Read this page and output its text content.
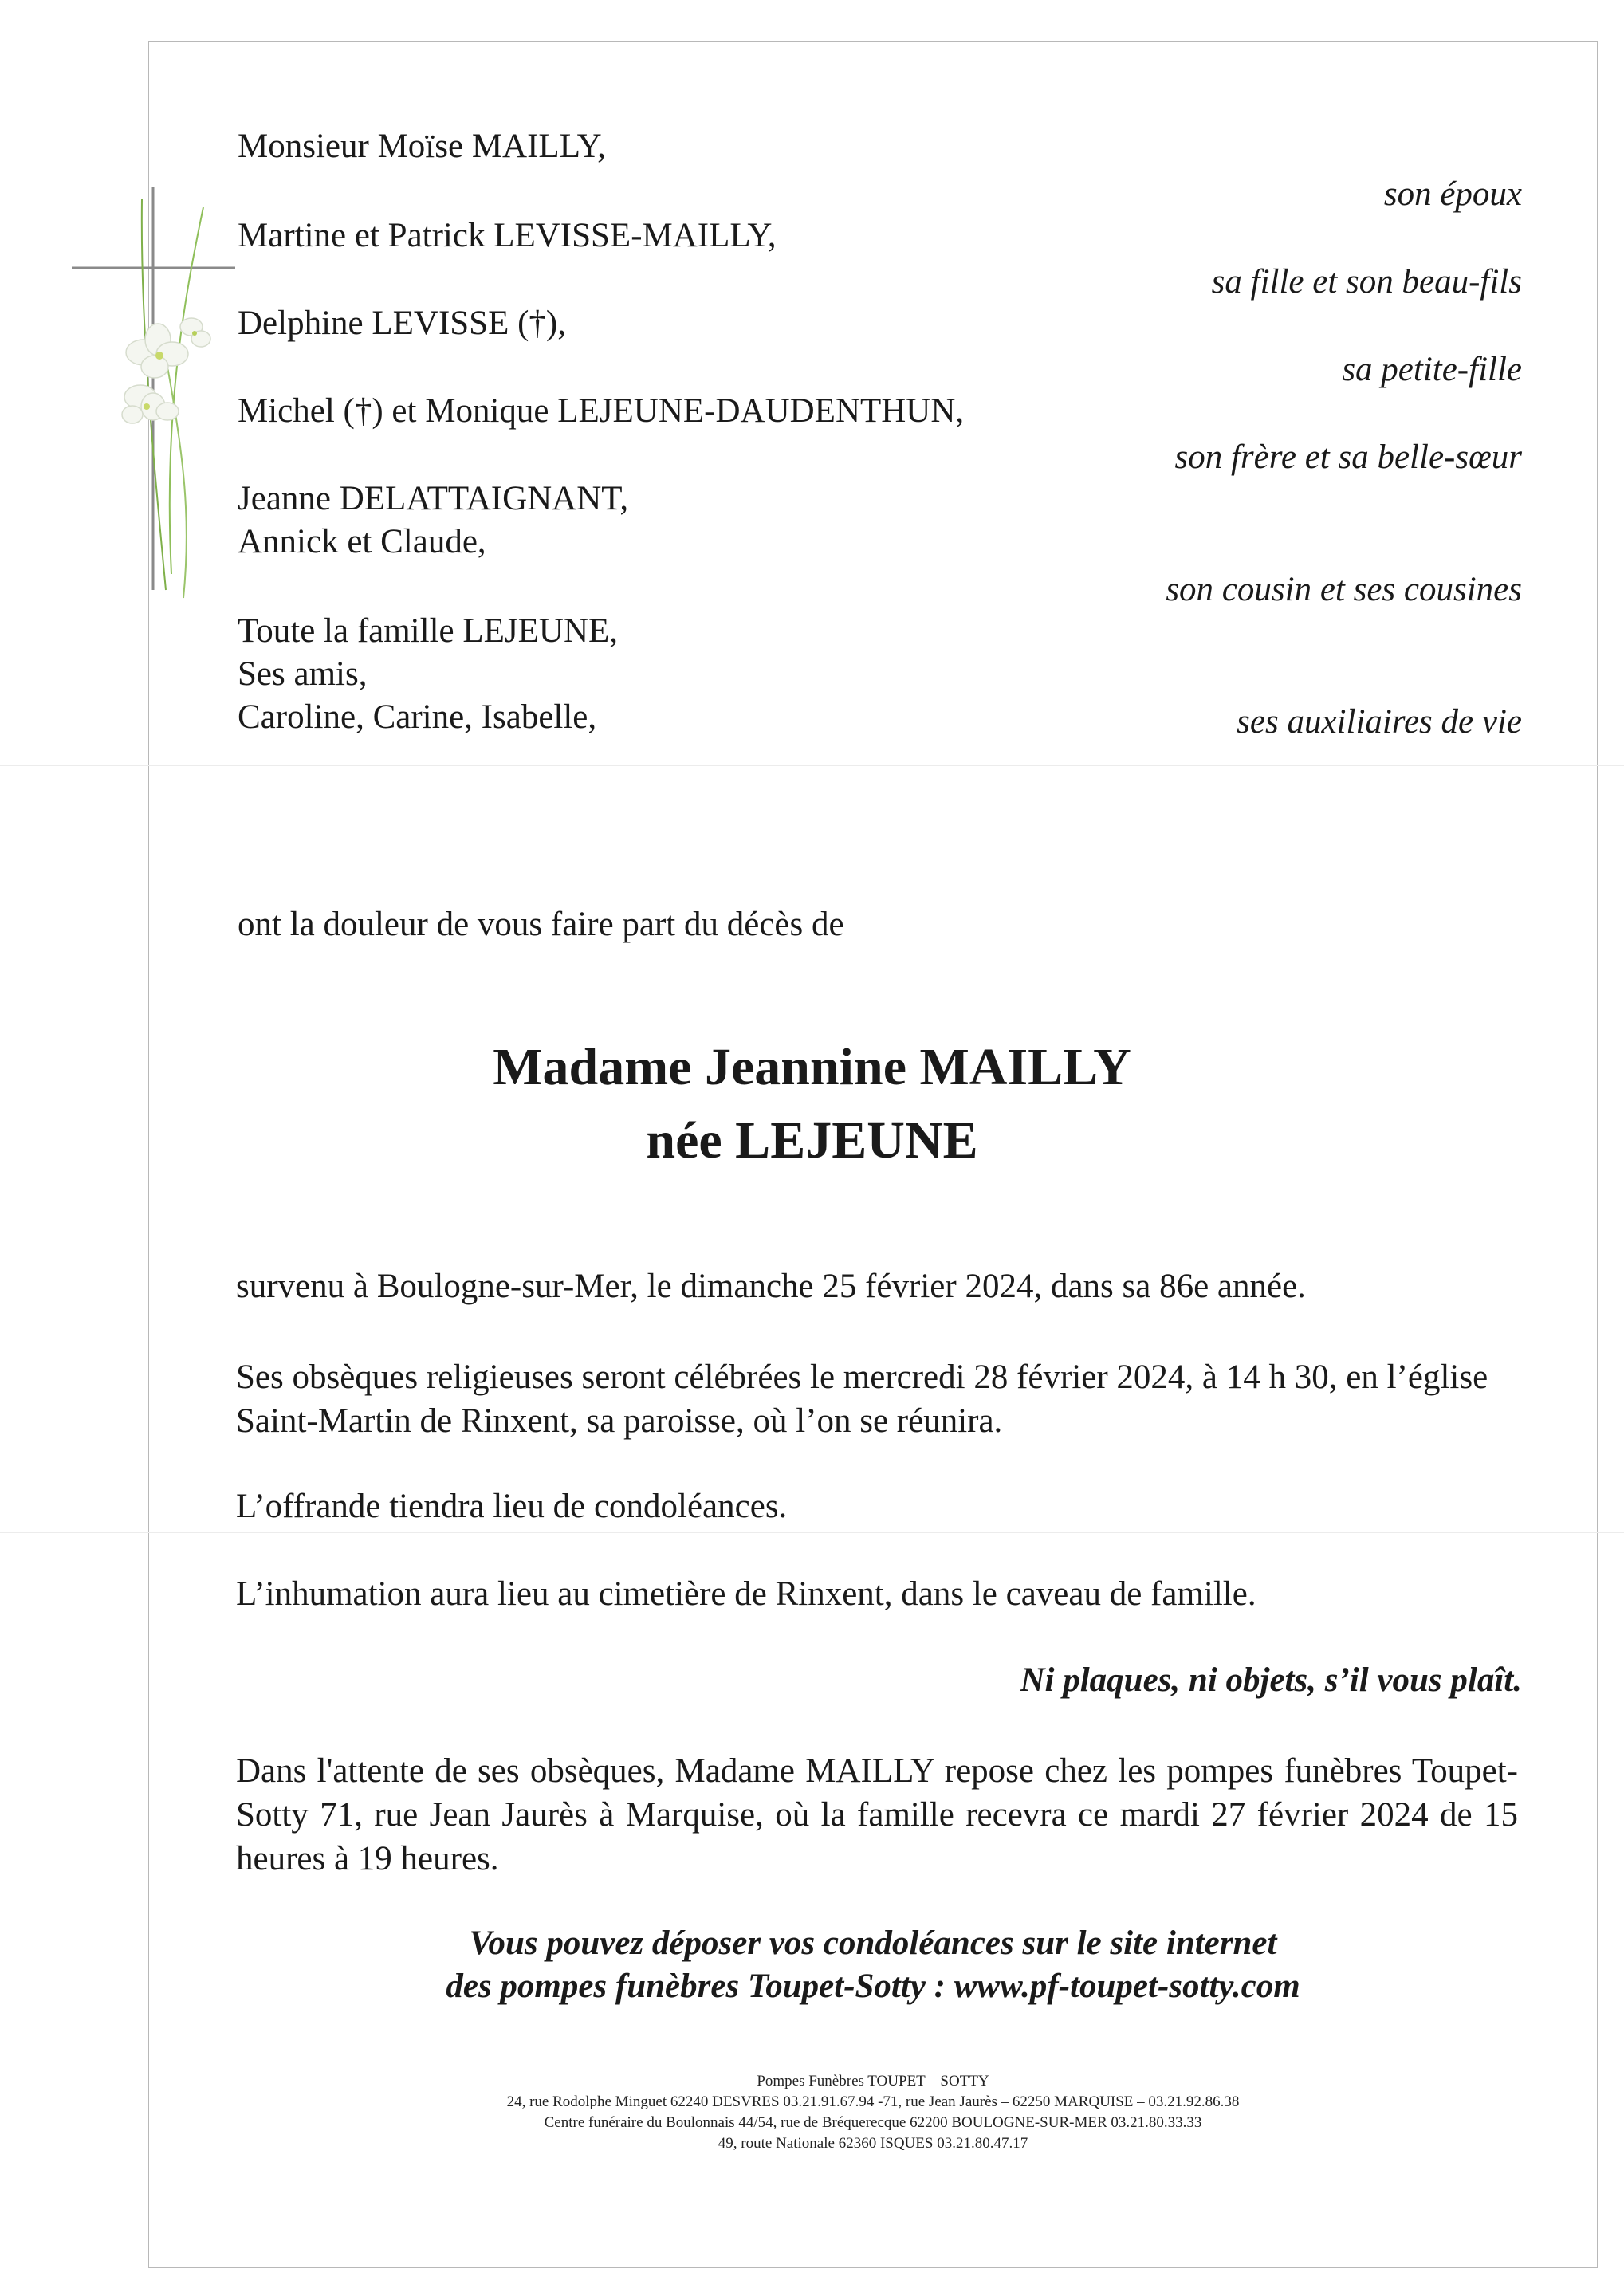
Monsieur Moïse MAILLY,
son époux
Martine et Patrick LEVISSE-MAILLY,
sa fille et son beau-fils
Delphine LEVISSE (†),
sa petite-fille
Michel (†) et Monique LEJEUNE-DAUDENTHUN,
son frère et sa belle-sœur
Jeanne DELATTAIGNANT,
Annick et Claude,
son cousin et ses cousines
Toute la famille LEJEUNE,
Ses amis,
Caroline, Carine, Isabelle,	ses auxiliaires de vie
ont la douleur de vous faire part du décès de
Madame Jeannine MAILLY
née LEJEUNE
survenu à Boulogne-sur-Mer, le dimanche 25 février 2024, dans sa 86e année.
Ses obsèques religieuses seront célébrées le mercredi 28 février 2024, à 14 h 30, en l’église Saint-Martin de Rinxent, sa paroisse, où l’on se réunira.
L’offrande tiendra lieu de condoléances.
L’inhumation aura lieu au cimetière de Rinxent, dans le caveau de famille.
Ni plaques, ni objets, s’il vous plaît.
Dans l'attente de ses obsèques, Madame MAILLY repose chez les pompes funèbres Toupet-Sotty 71, rue Jean Jaurès à Marquise, où la famille recevra ce mardi 27 février 2024 de 15 heures à 19 heures.
Vous pouvez déposer vos condoléances sur le site internet
des pompes funèbres Toupet-Sotty : www.pf-toupet-sotty.com
Pompes Funèbres TOUPET – SOTTY
24, rue Rodolphe Minguet 62240 DESVRES 03.21.91.67.94 -71, rue Jean Jaurès – 62250 MARQUISE – 03.21.92.86.38
Centre funéraire du Boulonnais 44/54, rue de Bréquerecque 62200 BOULOGNE-SUR-MER 03.21.80.33.33
49, route Nationale 62360 ISQUES 03.21.80.47.17
